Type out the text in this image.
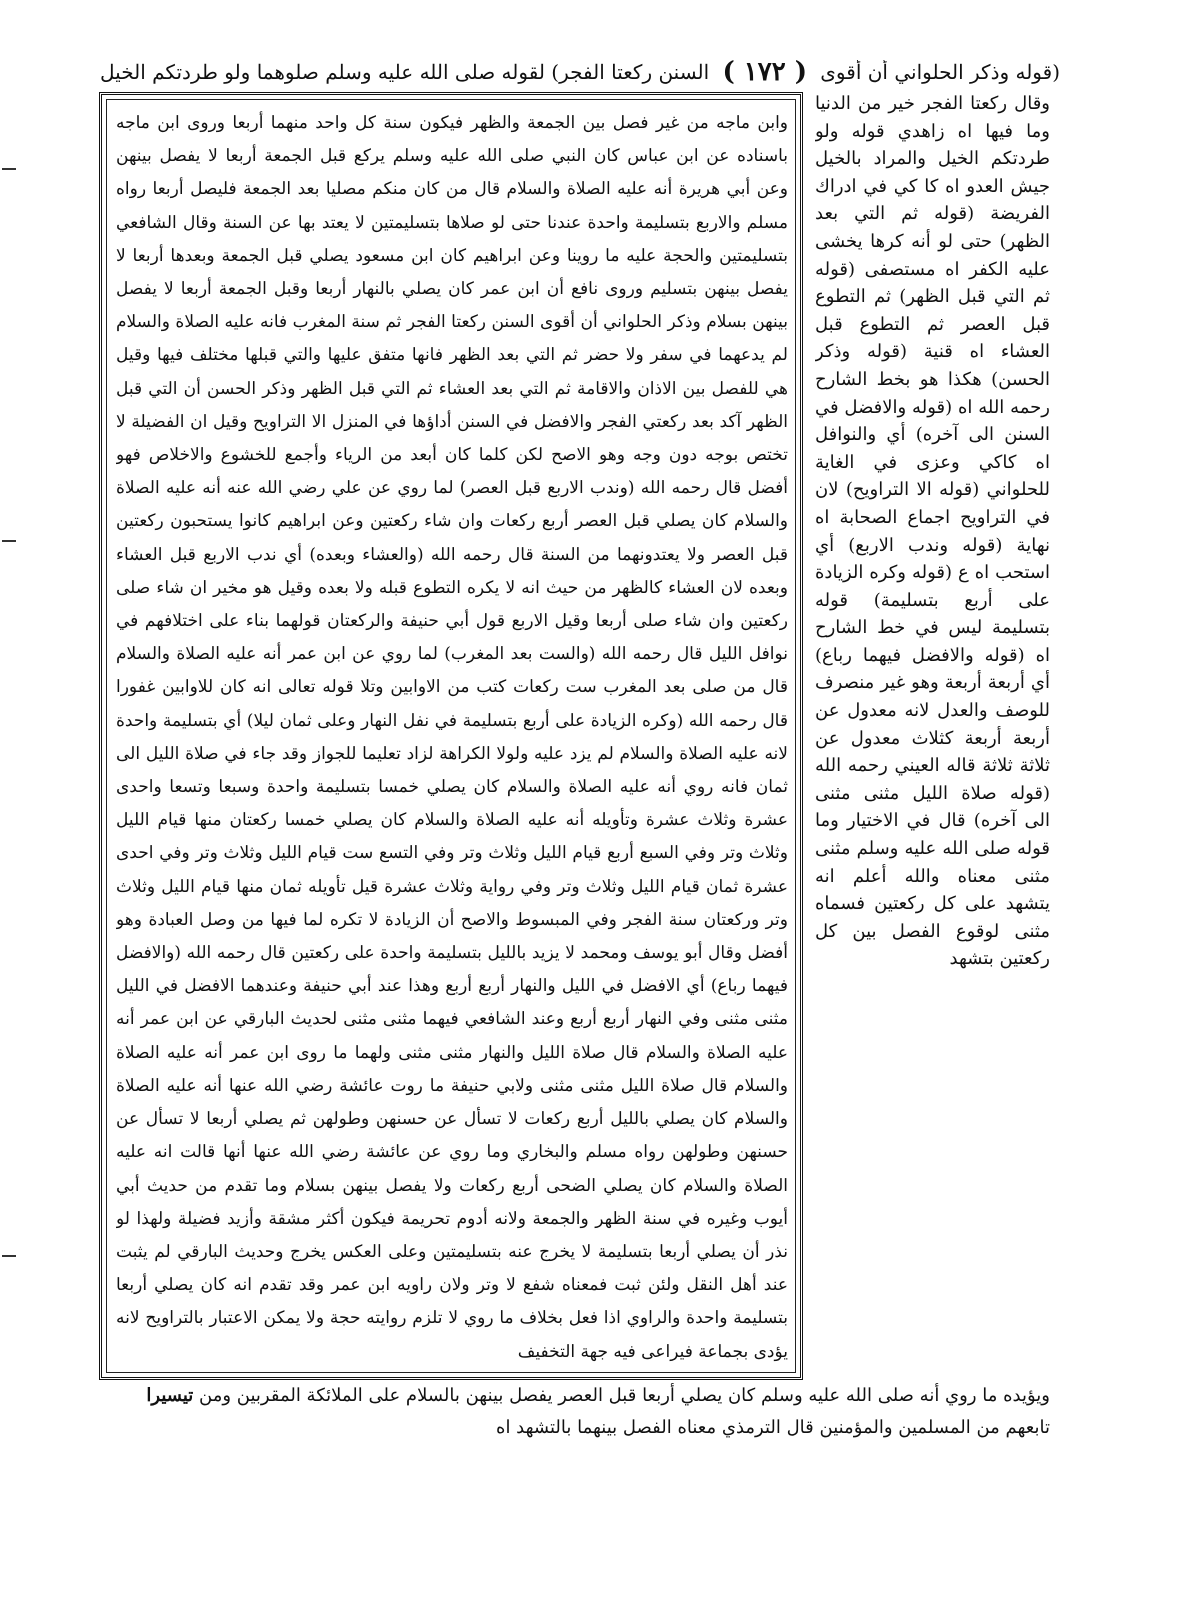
(قوله وذكر الحلواني أن أقوى
( ١٧٢ )
السنن ركعتا الفجر) لقوله صلى الله عليه وسلم صلوهما ولو طردتكم الخيل

وقال ركعتا الفجر خير من الدنيا وما فيها اه زاهدي قوله ولو طردتكم الخيل والمراد بالخيل جيش العدو اه كا كي في ادراك الفريضة (قوله ثم التي بعد الظهر) حتى لو أنه كرها يخشى عليه الكفر اه مستصفى (قوله ثم التي قبل الظهر) ثم التطوع قبل العصر ثم التطوع قبل العشاء اه قنية (قوله وذكر الحسن) هكذا هو بخط الشارح رحمه الله اه (قوله والافضل في السنن الى آخره) أي والنوافل اه كاكي وعزى في الغاية للحلواني (قوله الا التراويح) لان في التراويح اجماع الصحابة اه نهاية (قوله وندب الاربع) أي استحب اه ع (قوله وكره الزيادة على أربع بتسليمة) قوله بتسليمة ليس في خط الشارح اه (قوله والافضل فيهما رباع) أي أربعة أربعة وهو غير منصرف للوصف والعدل لانه معدول عن أربعة أربعة كثلاث معدول عن ثلاثة ثلاثة قاله العيني رحمه الله (قوله صلاة الليل مثنى مثنى الى آخره) قال في الاختيار وما قوله صلى الله عليه وسلم مثنى مثنى معناه والله أعلم انه يتشهد على كل ركعتين فسماه مثنى لوقوع الفصل بين كل ركعتين بتشهد

وابن ماجه من غير فصل بين الجمعة والظهر فيكون سنة كل واحد منهما أربعا وروى ابن ماجه باسناده عن ابن عباس كان النبي صلى الله عليه وسلم يركع قبل الجمعة أربعا لا يفصل بينهن وعن أبي هريرة أنه عليه الصلاة والسلام قال من كان منكم مصليا بعد الجمعة فليصل أربعا رواه مسلم والاربع بتسليمة واحدة عندنا حتى لو صلاها بتسليمتين لا يعتد بها عن السنة وقال الشافعي بتسليمتين والحجة عليه ما روينا وعن ابراهيم كان ابن مسعود يصلي قبل الجمعة وبعدها أربعا لا يفصل بينهن بتسليم وروى نافع أن ابن عمر كان يصلي بالنهار أربعا وقبل الجمعة أربعا لا يفصل بينهن بسلام وذكر الحلواني أن أقوى السنن ركعتا الفجر ثم سنة المغرب فانه عليه الصلاة والسلام لم يدعهما في سفر ولا حضر ثم التي بعد الظهر فانها متفق عليها والتي قبلها مختلف فيها وقيل هي للفصل بين الاذان والاقامة ثم التي بعد العشاء ثم التي قبل الظهر وذكر الحسن أن التي قبل الظهر آكد بعد ركعتي الفجر والافضل في السنن أداؤها في المنزل الا التراويح وقيل ان الفضيلة لا تختص بوجه دون وجه وهو الاصح لكن كلما كان أبعد من الرياء وأجمع للخشوع والاخلاص فهو أفضل قال رحمه الله (وندب الاربع قبل العصر) لما روي عن علي رضي الله عنه أنه عليه الصلاة والسلام كان يصلي قبل العصر أربع ركعات وان شاء ركعتين وعن ابراهيم كانوا يستحبون ركعتين قبل العصر ولا يعتدونهما من السنة قال رحمه الله (والعشاء وبعده) أي ندب الاربع قبل العشاء وبعده لان العشاء كالظهر من حيث انه لا يكره التطوع قبله ولا بعده وقيل هو مخير ان شاء صلى ركعتين وان شاء صلى أربعا وقيل الاربع قول أبي حنيفة والركعتان قولهما بناء على اختلافهم في نوافل الليل قال رحمه الله (والست بعد المغرب) لما روي عن ابن عمر أنه عليه الصلاة والسلام قال من صلى بعد المغرب ست ركعات كتب من الاوابين وتلا قوله تعالى انه كان للاوابين غفورا قال رحمه الله (وكره الزيادة على أربع بتسليمة في نفل النهار وعلى ثمان ليلا) أي بتسليمة واحدة لانه عليه الصلاة والسلام لم يزد عليه ولولا الكراهة لزاد تعليما للجواز وقد جاء في صلاة الليل الى ثمان فانه روي أنه عليه الصلاة والسلام كان يصلي خمسا بتسليمة واحدة وسبعا وتسعا واحدى عشرة وثلاث عشرة وتأويله أنه عليه الصلاة والسلام كان يصلي خمسا ركعتان منها قيام الليل وثلاث وتر وفي السبع أربع قيام الليل وثلاث وتر وفي التسع ست قيام الليل وثلاث وتر وفي احدى عشرة ثمان قيام الليل وثلاث وتر وفي رواية وثلاث عشرة قيل تأويله ثمان منها قيام الليل وثلاث وتر وركعتان سنة الفجر وفي المبسوط والاصح أن الزيادة لا تكره لما فيها من وصل العبادة وهو أفضل وقال أبو يوسف ومحمد لا يزيد بالليل بتسليمة واحدة على ركعتين قال رحمه الله (والافضل فيهما رباع) أي الافضل في الليل والنهار أربع أربع وهذا عند أبي حنيفة وعندهما الافضل في الليل مثنى مثنى وفي النهار أربع أربع وعند الشافعي فيهما مثنى مثنى لحديث البارقي عن ابن عمر أنه عليه الصلاة والسلام قال صلاة الليل والنهار مثنى مثنى ولهما ما روى ابن عمر أنه عليه الصلاة والسلام قال صلاة الليل مثنى مثنى ولابي حنيفة ما روت عائشة رضي الله عنها أنه عليه الصلاة والسلام كان يصلي بالليل أربع ركعات لا تسأل عن حسنهن وطولهن ثم يصلي أربعا لا تسأل عن حسنهن وطولهن رواه مسلم والبخاري وما روي عن عائشة رضي الله عنها أنها قالت انه عليه الصلاة والسلام كان يصلي الضحى أربع ركعات ولا يفصل بينهن بسلام وما تقدم من حديث أبي أيوب وغيره في سنة الظهر والجمعة ولانه أدوم تحريمة فيكون أكثر مشقة وأزيد فضيلة ولهذا لو نذر أن يصلي أربعا بتسليمة لا يخرج عنه بتسليمتين وعلى العكس يخرج وحديث البارقي لم يثبت عند أهل النقل ولئن ثبت فمعناه شفع لا وتر ولان راويه ابن عمر وقد تقدم انه كان يصلي أربعا بتسليمة واحدة والراوي اذا فعل بخلاف ما روي لا تلزم روايته حجة ولا يمكن الاعتبار بالتراويح لانه يؤدى بجماعة فيراعى فيه جهة التخفيف

ويؤيده ما روي أنه صلى الله عليه وسلم كان يصلي أربعا قبل العصر يفصل بينهن بالسلام على الملائكة المقربين ومن تيسيرا

تابعهم من المسلمين والمؤمنين قال الترمذي معناه الفصل بينهما بالتشهد اه
